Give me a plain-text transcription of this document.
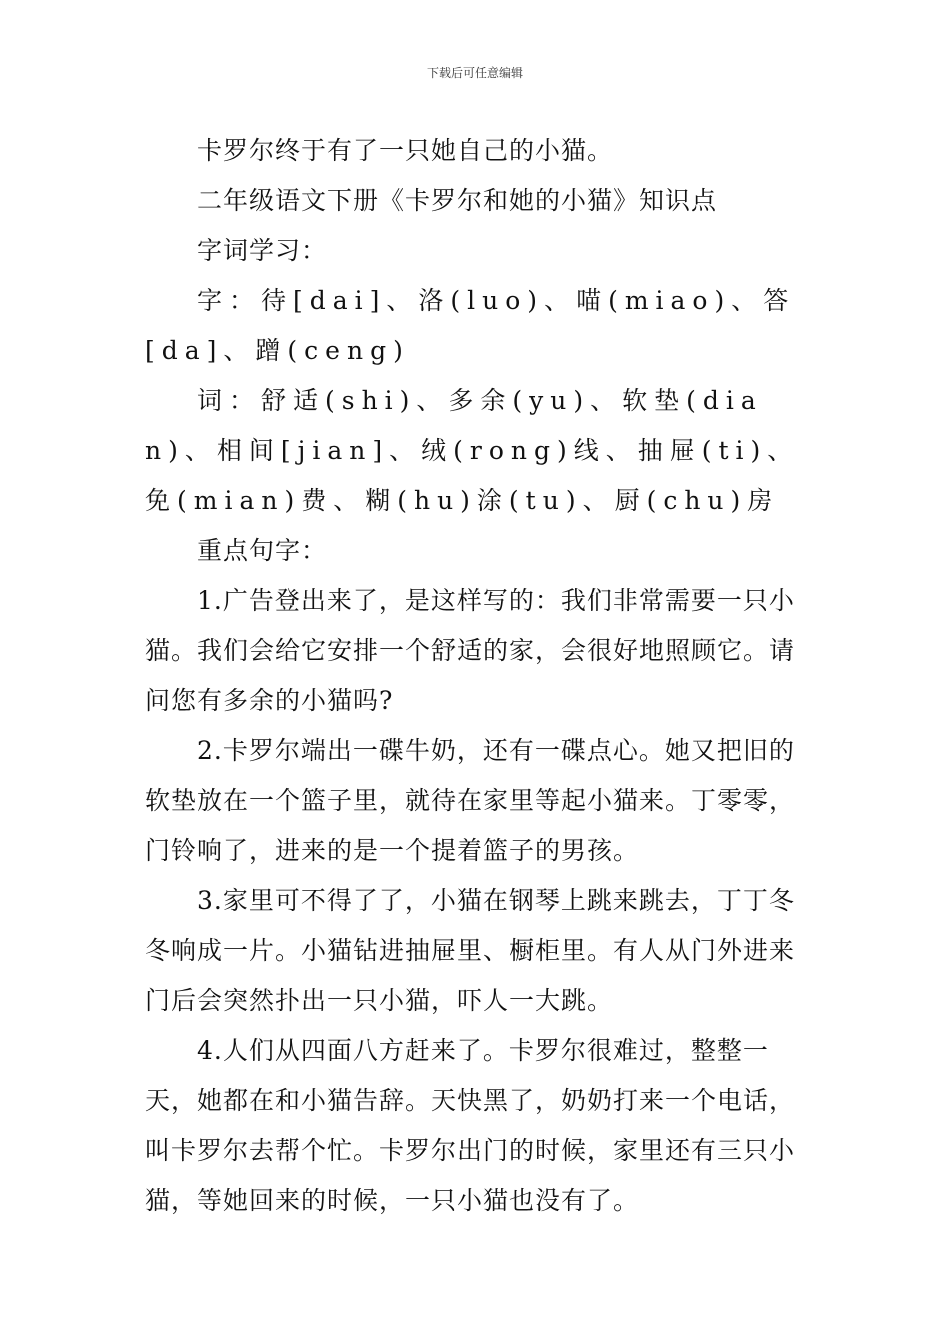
下载后可任意编辑

卡罗尔终于有了一只她自己的小猫。

二年级语文下册《卡罗尔和她的小猫》知识点

字词学习：

字：待[dai]、洛(luo)、喵(miao)、答[da]、蹭(ceng)

词：舒适(shi)、多余(yu)、软垫(dian)、相间[jian]、绒(rong)线、抽屉(ti)、免(mian)费、糊(hu)涂(tu)、厨(chu)房

重点句字：

1.广告登出来了，是这样写的：我们非常需要一只小猫。我们会给它安排一个舒适的家，会很好地照顾它。请问您有多余的小猫吗?

2.卡罗尔端出一碟牛奶，还有一碟点心。她又把旧的软垫放在一个篮子里，就待在家里等起小猫来。丁零零，门铃响了，进来的是一个提着篮子的男孩。

3.家里可不得了了，小猫在钢琴上跳来跳去，丁丁冬冬响成一片。小猫钻进抽屉里、橱柜里。有人从门外进来门后会突然扑出一只小猫，吓人一大跳。

4.人们从四面八方赶来了。卡罗尔很难过，整整一天，她都在和小猫告辞。天快黑了，奶奶打来一个电话，叫卡罗尔去帮个忙。卡罗尔出门的时候，家里还有三只小猫，等她回来的时候，一只小猫也没有了。
